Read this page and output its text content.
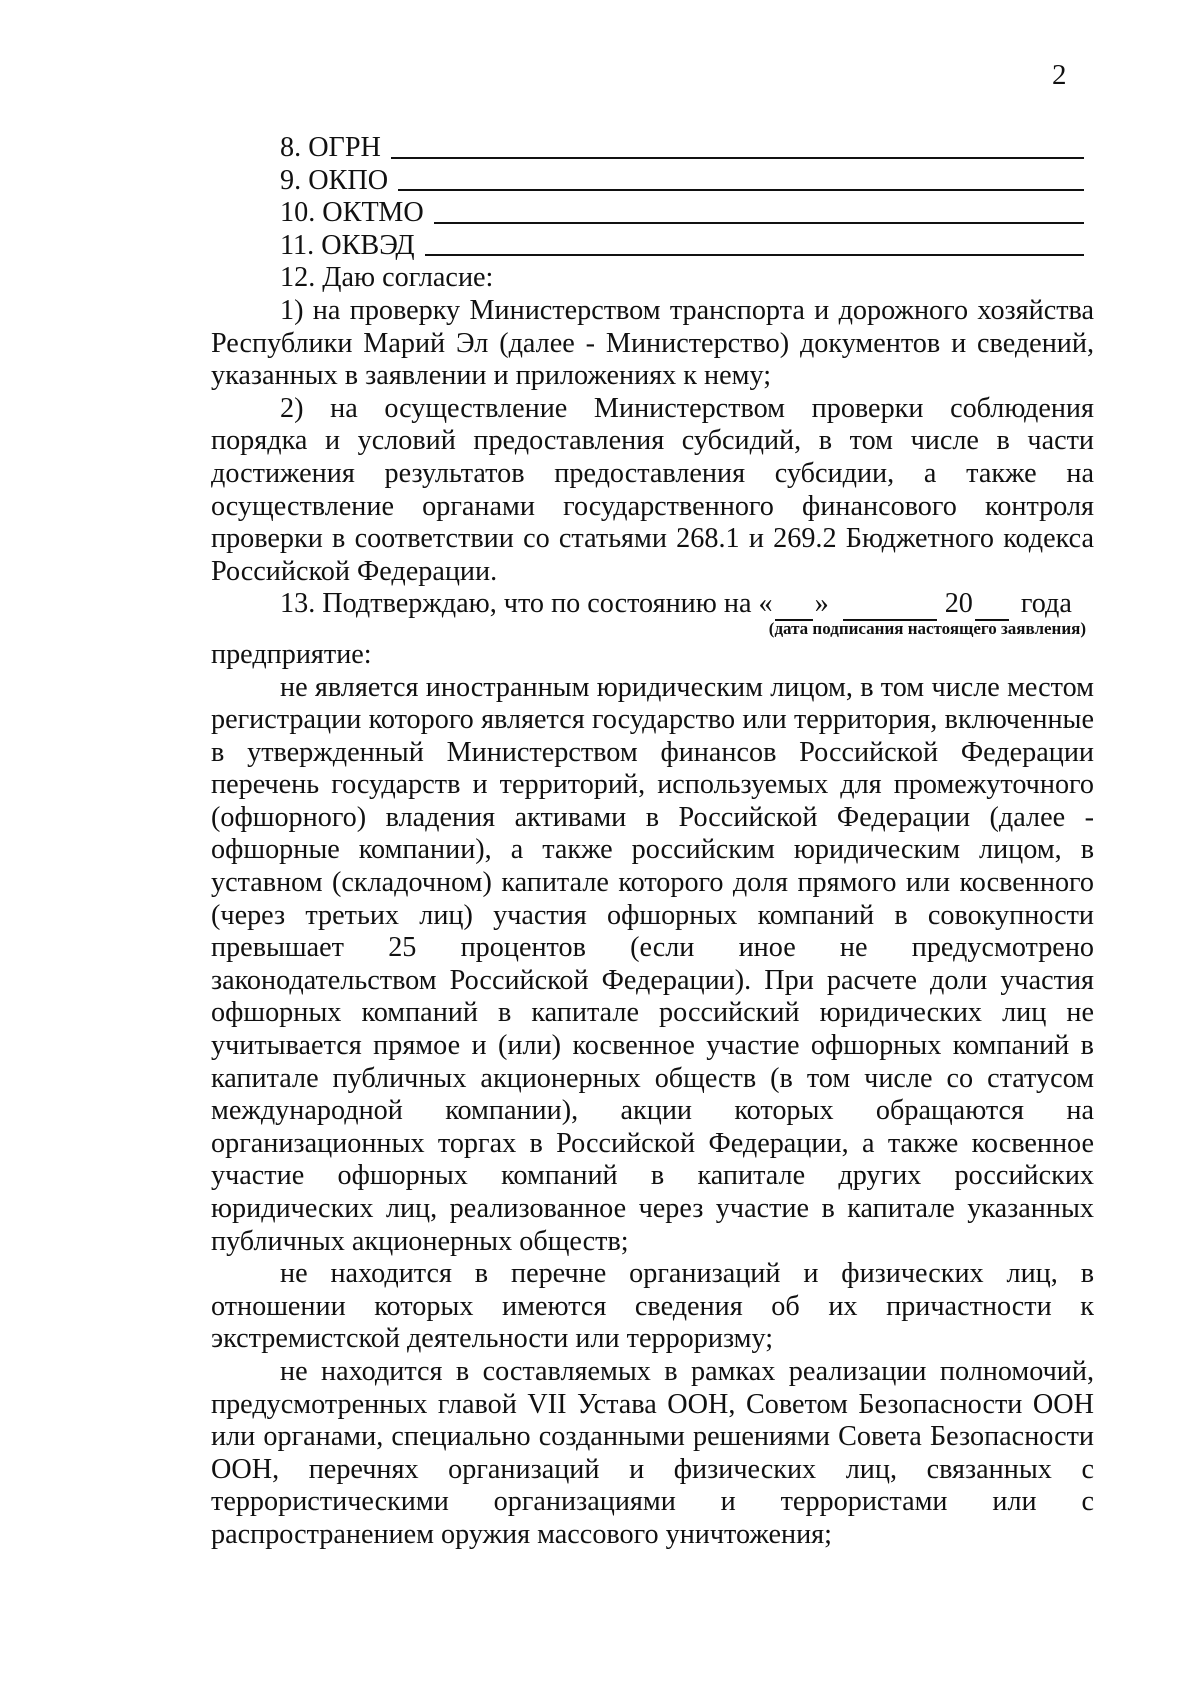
2
8. ОГРН
9. ОКПО
10. ОКТМО
11. ОКВЭД

12. Даю согласие:

1) на проверку Министерством транспорта и дорожного хозяйства Республики Марий Эл (далее - Министерство) документов и сведений, указанных в заявлении и приложениях к нему;

2) на осуществление Министерством проверки соблюдения порядка и условий предоставления субсидий, в том числе в части достижения результатов предоставления субсидии, а также на осуществление органами государственного финансового контроля проверки в соответствии со статьями 268.1 и 269.2 Бюджетного кодекса Российской Федерации.

13. Подтверждаю, что по состоянию на « »	20 года
(дата подписания настоящего заявления)

предприятие:

не является иностранным юридическим лицом, в том числе местом регистрации которого является государство или территория, включенные в утвержденный Министерством финансов Российской Федерации перечень государств и территорий, используемых для промежуточного (офшорного) владения активами в Российской Федерации (далее - офшорные компании), а также российским юридическим лицом, в уставном (складочном) капитале которого доля прямого или косвенного (через третьих лиц) участия офшорных компаний в совокупности превышает 25 процентов (если иное не предусмотрено законодательством Российской Федерации). При расчете доли участия офшорных компаний в капитале российский юридических лиц не учитывается прямое и (или) косвенное участие офшорных компаний в капитале публичных акционерных обществ (в том числе со статусом международной компании), акции которых обращаются на организационных торгах в Российской Федерации, а также косвенное участие офшорных компаний в капитале других российских юридических лиц, реализованное через участие в капитале указанных публичных акционерных обществ;

не находится в перечне организаций и физических лиц, в отношении которых имеются сведения об их причастности к экстремистской деятельности или терроризму;

не находится в составляемых в рамках реализации полномочий, предусмотренных главой VII Устава ООН, Советом Безопасности ООН или органами, специально созданными решениями Совета Безопасности ООН, перечнях организаций и физических лиц, связанных с террористическими организациями и террористами или с распространением оружия массового уничтожения;
